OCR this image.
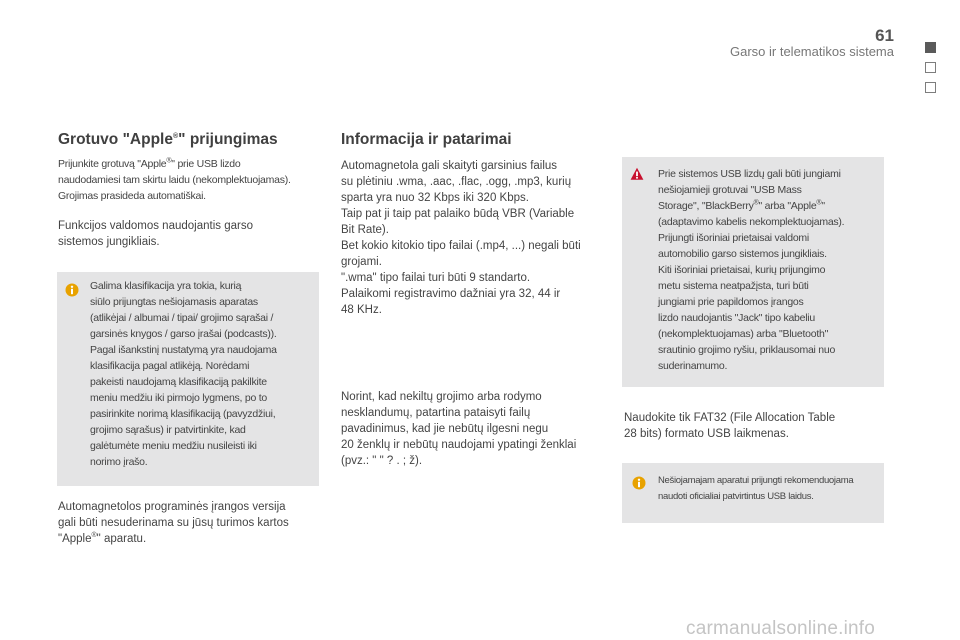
61
Garso ir telematikos sistema
Grotuvo "Apple®" prijungimas
Prijunkite grotuvą "Apple®" prie USB lizdo
naudodamiesi tam skirtu laidu (nekomplektuojamas).
Grojimas prasideda automatiškai.
Funkcijos valdomos naudojantis garso
sistemos jungikliais.
Galima klasifikacija yra tokia, kurią
siūlo prijungtas nešiojamasis aparatas
(atlikėjai / albumai / tipai/ grojimo sąrašai /
garsinės knygos / garso įrašai (podcasts)).
Pagal išankstinį nustatymą yra naudojama
klasifikacija pagal atlikėją. Norėdami
pakeisti naudojamą klasifikaciją pakilkite
meniu medžiu iki pirmojo lygmens, po to
pasirinkite norimą klasifikaciją (pavyzdžiui,
grojimo sąrašus) ir patvirtinkite, kad
galėtumėte meniu medžiu nusileisti iki
norimo įrašo.
Automagnetolos programinės įrangos versija
gali būti nesuderinama su jūsų turimos kartos
"Apple®" aparatu.
Informacija ir patarimai
Automagnetola gali skaityti garsinius failus
su plėtiniu .wma, .aac, .flac, .ogg, .mp3, kurių
sparta yra nuo 32 Kbps iki 320 Kbps.
Taip pat ji taip pat palaiko būdą VBR (Variable
Bit Rate).
Bet kokio kitokio tipo failai (.mp4, ...) negali būti
grojami.
".wma" tipo failai turi būti 9 standarto.
Palaikomi registravimo dažniai yra 32, 44 ir
48 KHz.
Norint, kad nekiltų grojimo arba rodymo
nesklandumų, patartina pataisyti failų
pavadinimus, kad jie nebūtų ilgesni negu
20 ženklų ir nebūtų naudojami ypatingi ženklai
(pvz.: " " ? . ; ž).
Prie sistemos USB lizdų gali būti jungiami
nešiojamieji grotuvai "USB Mass
Storage", "BlackBerry®" arba "Apple®"
(adaptavimo kabelis nekomplektuojamas).
Prijungti išoriniai prietaisai valdomi
automobilio garso sistemos jungikliais.
Kiti išoriniai prietaisai, kurių prijungimo
metu sistema neatpažįsta, turi būti
jungiami prie papildomos įrangos
lizdo naudojantis "Jack" tipo kabeliu
(nekomplektuojamas) arba "Bluetooth"
srautinio grojimo ryšiu, priklausomai nuo
suderinamumo.
Naudokite tik FAT32 (File Allocation Table
28 bits) formato USB laikmenas.
Nešiojamajam aparatui prijungti rekomenduojama
naudoti oficialiai patvirtintus USB laidus.
carmanualsonline.info
